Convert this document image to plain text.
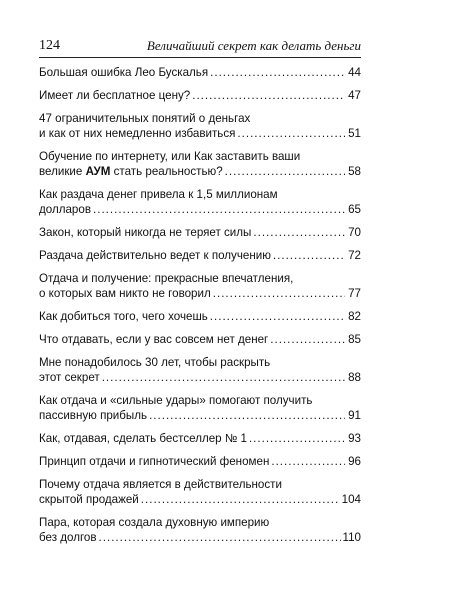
124	Величайший секрет как делать деньги
Большая ошибка Лео Бускалья .....	44
Имеет ли бесплатное цену? .....	47
47 ограничительных понятий о деньгах
и как от них немедленно избавиться .....	51
Обучение по интернету, или Как заставить ваши
великие
АУМ
стать реальностью? .....	58
Как раздача денег привела к 1,5 миллионам
долларов .....	65
Закон, который никогда не теряет силы .....	70
Раздача действительно ведет к получению .....	72
Отдача и получение: прекрасные впечатления,
о которых вам никто не говорил .....	77
Как добиться того, чего хочешь .....	82
Что отдавать, если у вас совсем нет денег .....	85
Мне понадобилось 30 лет, чтобы раскрыть
этот секрет .....	88
Как отдача и «сильные удары» помогают получить
пассивную прибыль .....	91
Как, отдавая, сделать бестселлер № 1 .....	93
Принцип отдачи и гипнотический феномен .....	96
Почему отдача является в действительности
скрытой продажей .....	104
Пара, которая создала духовную империю
без долгов .....	110
